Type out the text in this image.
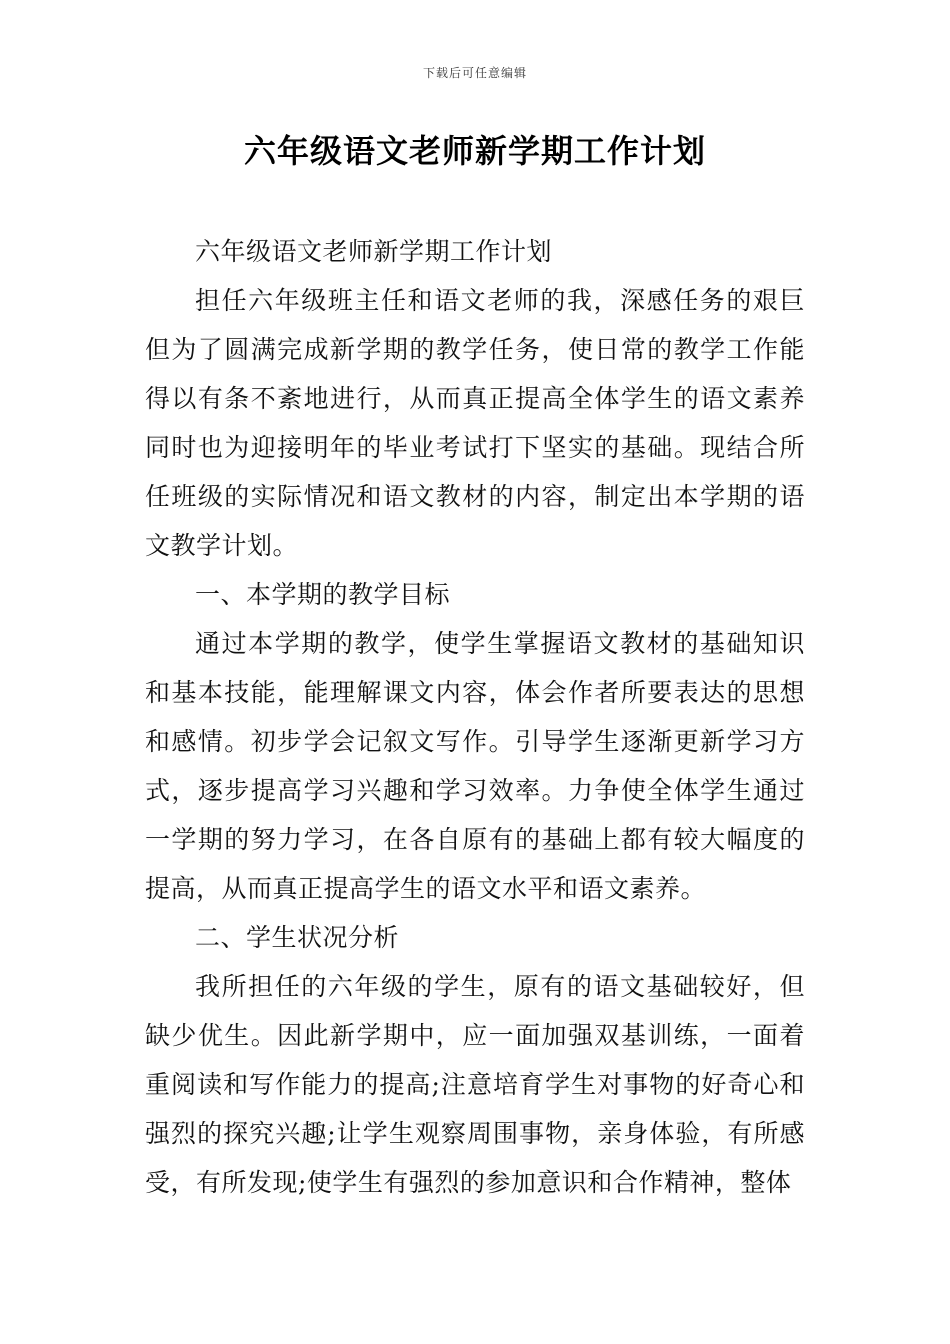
下载后可任意编辑
六年级语文老师新学期工作计划

六年级语文老师新学期工作计划

担任六年级班主任和语文老师的我，深感任务的艰巨但为了圆满完成新学期的教学任务，使日常的教学工作能得以有条不紊地进行，从而真正提高全体学生的语文素养同时也为迎接明年的毕业考试打下坚实的基础。现结合所任班级的实际情况和语文教材的内容，制定出本学期的语文教学计划。

一、本学期的教学目标

通过本学期的教学，使学生掌握语文教材的基础知识和基本技能，能理解课文内容，体会作者所要表达的思想和感情。初步学会记叙文写作。引导学生逐渐更新学习方式，逐步提高学习兴趣和学习效率。力争使全体学生通过一学期的努力学习，在各自原有的基础上都有较大幅度的提高，从而真正提高学生的语文水平和语文素养。

二、学生状况分析

我所担任的六年级的学生，原有的语文基础较好，但缺少优生。因此新学期中，应一面加强双基训练，一面着重阅读和写作能力的提高;注意培育学生对事物的好奇心和强烈的探究兴趣;让学生观察周围事物，亲身体验，有所感受，有所发现;使学生有强烈的参加意识和合作精神，整体
